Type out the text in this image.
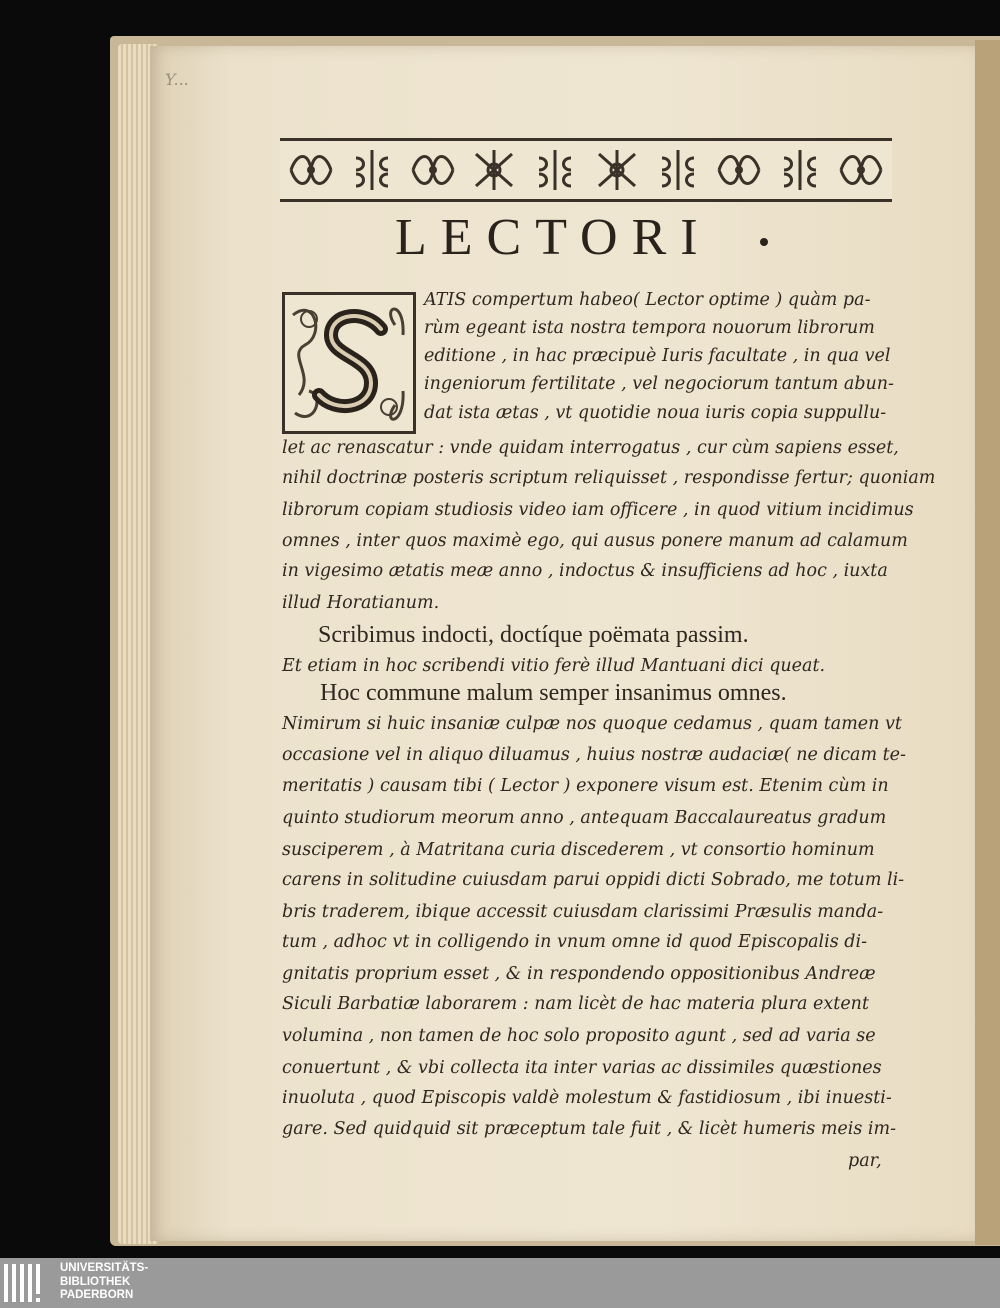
Y...
LECTORI
ATIS compertum habeo( Lector optime ) quàm pa-
rùm egeant ista nostra tempora nouorum librorum
editione , in hac præcipuè Iuris facultate , in qua vel
ingeniorum fertilitate , vel negociorum tantum abun-
dat ista ætas , vt quotidie noua iuris copia suppullu-
let ac renascatur : vnde quidam interrogatus , cur cùm sapiens esset,
nihil doctrinæ posteris scriptum reliquisset , respondisse fertur; quoniam
librorum copiam studiosis video iam officere , in quod vitium incidimus
omnes , inter quos maximè ego, qui ausus ponere manum ad calamum
in vigesimo ætatis meæ anno , indoctus & insufficiens ad hoc , iuxta
illud Horatianum.
Scribimus indocti, doctíque poëmata passim.
Et etiam in hoc scribendi vitio ferè illud Mantuani dici queat.
Hoc commune malum semper insanimus omnes.
Nimirum si huic insaniæ culpæ nos quoque cedamus , quam tamen vt
occasione vel in aliquo diluamus , huius nostræ audaciæ( ne dicam te-
meritatis ) causam tibi ( Lector ) exponere visum est. Etenim cùm in
quinto studiorum meorum anno , antequam Baccalaureatus gradum
susciperem , à Matritana curia discederem , vt consortio hominum
carens in solitudine cuiusdam parui oppidi dicti Sobrado, me totum li-
bris traderem, ibique accessit cuiusdam clarissimi Præsulis manda-
tum , adhoc vt in colligendo in vnum omne id quod Episcopalis di-
gnitatis proprium esset , & in respondendo oppositionibus Andreæ
Siculi Barbatiæ laborarem : nam licèt de hac materia plura extent
volumina , non tamen de hoc solo proposito agunt , sed ad varia se
conuertunt , & vbi collecta ita inter varias ac dissimiles quæstiones
inuoluta , quod Episcopis valdè molestum & fastidiosum , ibi inuesti-
gare. Sed quidquid sit præceptum tale fuit , & licèt humeris meis im-
par,
UNIVERSITÄTS-
BIBLIOTHEK
PADERBORN
